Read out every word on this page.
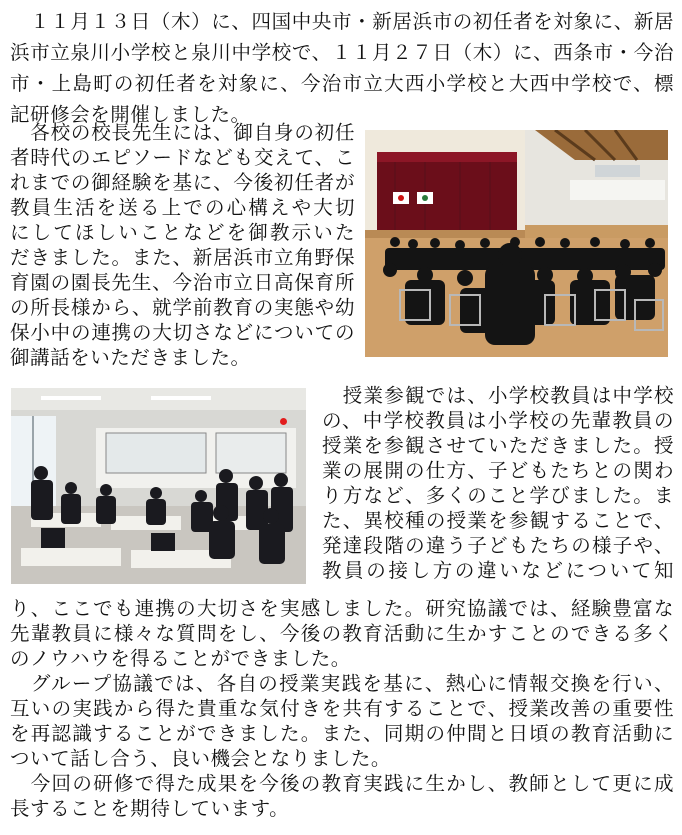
　１１月１３日（木）に、四国中央市・新居浜市の初任者を対象に、新居
浜市立泉川小学校と泉川中学校で、１１月２７日（木）に、西条市・今治
市・上島町の初任者を対象に、今治市立大西小学校と大西中学校で、標
記研修会を開催しました。
　各校の校長先生には、御自身の初任
者時代のエピソードなども交えて、こ
れまでの御経験を基に、今後初任者が
教員生活を送る上での心構えや大切
にしてほしいことなどを御教示いた
だきました。また、新居浜市立角野保
育園の園長先生、今治市立日高保育所
の所長様から、就学前教育の実態や幼
保小中の連携の大切さなどについての
御講話をいただきました。
　授業参観では、小学校教員は中学校
の、中学校教員は小学校の先輩教員の
授業を参観させていただきました。授
業の展開の仕方、子どもたちとの関わ
り方など、多くのこと学びました。ま
た、異校種の授業を参観することで、
発達段階の違う子どもたちの様子や、
教員の接し方の違いなどについて知
り、ここでも連携の大切さを実感しました。研究協議では、経験豊富な
先輩教員に様々な質問をし、今後の教育活動に生かすことのできる多く
のノウハウを得ることができました。
　グループ協議では、各自の授業実践を基に、熱心に情報交換を行い、
互いの実践から得た貴重な気付きを共有することで、授業改善の重要性
を再認識することができました。また、同期の仲間と日頃の教育活動に
ついて話し合う、良い機会となりました。
　今回の研修で得た成果を今後の教育実践に生かし、教師として更に成
長することを期待しています。
